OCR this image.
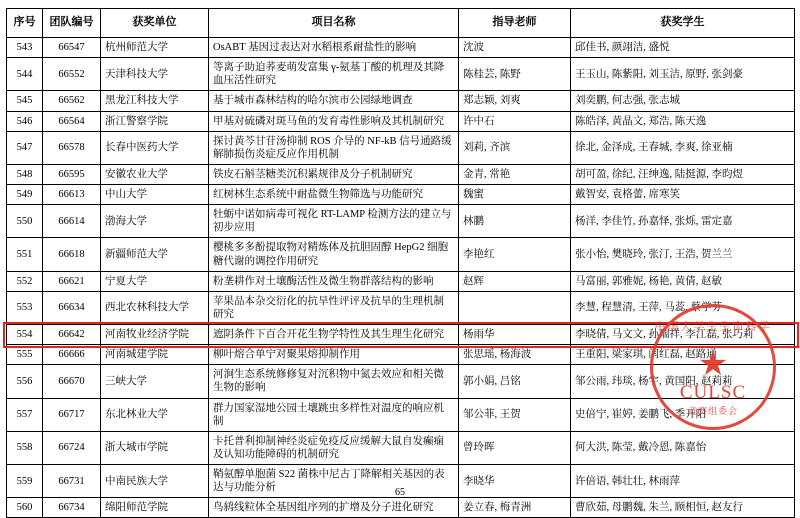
序号	团队编号	获奖单位	项目名称	指导老师	获奖学生
543	66547	杭州师范大学	OsABT 基因过表达对水稻根系耐盐性的影响	沈波	邱佳书, 颜翊洁, 盛悦
544	66552	天津科技大学	等离子助迫荞麦萌发富集 γ-氨基丁酸的机理及其降血压活性研究	陈桂芸, 陈野	王玉山, 陈紫阳, 刘玉洁, 原野, 张剑豪
545	66562	黑龙江科技大学	基于城市森林结构的哈尔滨市公园绿地调查	郑志颖, 刘爽	刘奕鹏, 何志强, 张志城
546	66564	浙江警察学院	甲基对硫磷对斑马鱼的发育毒性影响及其机制研究	许中石	陈皓泽, 黄晶文, 郑浩, 陈天逸
547	66578	长春中医药大学	探讨黄芩甘苷汤抑制 ROS 介导的 NF-kB 信号通路缓解肺损伤炎症反应作用机制	刘莉, 齐滨	徐北, 金泽成, 王春城, 李爽, 徐亚楠
548	66595	安徽农业大学	铁皮石斛茎糖类沉积累规律及分子机制研究	金青, 常艳	胡可盈, 徐纪, 汪绅逸, 陆挺源, 李昀煜
549	66613	中山大学	红树林生态系统中耐盐微生物筛选与功能研究	魏蜜	戴智安, 袁格蕾, 席寒笑
550	66614	渤海大学	牡蛎中诺如病毒可视化 RT-LAMP 检测方法的建立与初步应用	林鹏	杨洋, 李佳竹, 孙嘉怿, 张烁, 雷定嘉
551	66618	新疆师范大学	樱桃多多酚提取物对精炼体及抗胆固醇 HepG2 细胞糖代谢的调控作用研究	李艳红	张小怡, 樊晓玲, 张汀, 王浩, 贺兰兰
552	66621	宁夏大学	粉垄耕作对土壤酶活性及微生物群落结构的影响	赵辉	马富丽, 郭雅妮, 杨艳, 黄倩, 赵敏
553	66634	西北农林科技大学	苹果品本杂交衍化的抗旱性评评及抗旱的生理机制研究		李慧, 程慧清, 王萍, 马蕊, 蔡学芬
554	66642	河南牧业经济学院	遮阴条件下百合开花生物学特性及其生理生化研究	杨雨华	李晓倩, 马文文, 孙瑞祥, 李江磊, 张巧莉
555	66666	河南城建学院	柳叶熔合单宁对聚果熔抑制作用	张思瑶, 杨海波	王重阳, 梁家琪, 闫红磊, 赵路通
556	66670	三峡大学	河涧生态系统修修复对沉积物中氮去效应和相关微生物的影响	郭小娟, 吕铭	邹公雨, 玮琰, 杨宇, 黄国阳, 赵莉莉
557	66717	东北林业大学	群力国家湿地公园土壤跳虫多样性对温度的响应机制	邹公菲, 王贺	史倍宁, 崔婷, 姜鹏飞, 季开阳
558	66724	浙大城市学院	卡托普利抑制神经炎症免疫反应缓解大鼠自发癫痫及认知功能障碍的机制研究	曾玲晖	何大洪, 陈莹, 戴冷恩, 陈嘉怡
559	66731	中南民族大学	鞘氨醇单胞菌 S22 菌株中尼古丁降解相关基因的表达与功能分析	李晓华	许倍语, 韩壮壮, 林雨萍
560	66734	绵阳师范学院	鸟鸫线粒体全基因组序列的扩增及分子进化研究	姜立春, 梅青洲	曹欣茹, 母鹏魏, 朱兰, 顾相恒, 赵友行
中国大学生生命科学
★
CULSC
竞赛组委会
65
